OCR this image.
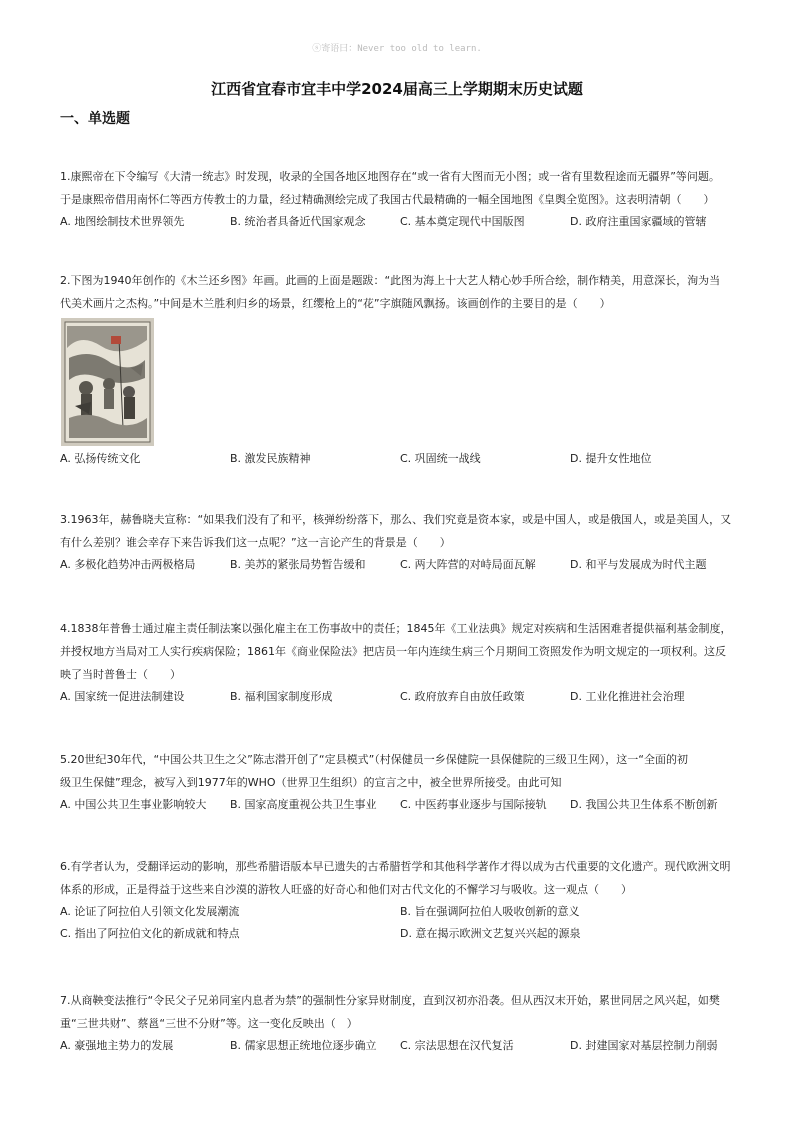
ⓢ寄语曰：Never too old to learn.
江西省宜春市宜丰中学2024届高三上学期期末历史试题
一、单选题

1.康熙帝在下令编写《大清一统志》时发现，收录的全国各地区地图存在“或一省有大图而无小图；或一省有里数程途而无疆界”等问题。

于是康熙帝借用南怀仁等西方传教士的力量，经过精确测绘完成了我国古代最精确的一幅全国地图《皇舆全览图》。这表明清朝（　　）

A. 地图绘制技术世界领先	B. 统治者具备近代国家观念	C. 基本奠定现代中国版图	D. 政府注重国家疆域的管辖

2.下图为1940年创作的《木兰还乡图》年画。此画的上面是题跋：“此图为海上十大艺人精心妙手所合绘，制作精美，用意深长，洵为当

代美术画片之杰构。”中间是木兰胜利归乡的场景，红缨枪上的“花”字旗随风飘扬。该画创作的主要目的是（　　）

A. 弘扬传统文化	B. 激发民族精神	C. 巩固统一战线	D. 提升女性地位

3.1963年，赫鲁晓夫宣称：“如果我们没有了和平，核弹纷纷落下，那么、我们究竟是资本家，或是中国人，或是俄国人，或是美国人，又

有什么差别？谁会幸存下来告诉我们这一点呢？”这一言论产生的背景是（　　）

A. 多极化趋势冲击两极格局	B. 美苏的紧张局势暂告缓和	C. 两大阵营的对峙局面瓦解	D. 和平与发展成为时代主题

4.1838年普鲁士通过雇主责任制法案以强化雇主在工伤事故中的责任；1845年《工业法典》规定对疾病和生活困难者提供福利基金制度，

并授权地方当局对工人实行疾病保险；1861年《商业保险法》把店员一年内连续生病三个月期间工资照发作为明文规定的一项权利。这反

映了当时普鲁士（　　）

A. 国家统一促进法制建设	B. 福利国家制度形成	C. 政府放弃自由放任政策	D. 工业化推进社会治理

5.20世纪30年代，“中国公共卫生之父”陈志潜开创了“定县模式”（村保健员一乡保健院一县保健院的三级卫生网），这一“全面的初

级卫生保健”理念，被写入到1977年的WHO（世界卫生组织）的宣言之中，被全世界所接受。由此可知

A. 中国公共卫生事业影响较大	B. 国家高度重视公共卫生事业	C. 中医药事业逐步与国际接轨	D. 我国公共卫生体系不断创新

6.有学者认为，受翻译运动的影响，那些希腊语版本早已遗失的古希腊哲学和其他科学著作才得以成为古代重要的文化遗产。现代欧洲文明

体系的形成，正是得益于这些来自沙漠的游牧人旺盛的好奇心和他们对古代文化的不懈学习与吸收。这一观点（　　）

A. 论证了阿拉伯人引领文化发展潮流	B. 旨在强调阿拉伯人吸收创新的意义
C. 指出了阿拉伯文化的新成就和特点	D. 意在揭示欧洲文艺复兴兴起的源泉

7.从商鞅变法推行“令民父子兄弟同室内息者为禁”的强制性分家异财制度，直到汉初亦沿袭。但从西汉末开始，累世同居之风兴起，如樊

重“三世共财”、蔡邕“三世不分财”等。这一变化反映出（　）

A. 豪强地主势力的发展	B. 儒家思想正统地位逐步确立	C. 宗法思想在汉代复活	D. 封建国家对基层控制力削弱
